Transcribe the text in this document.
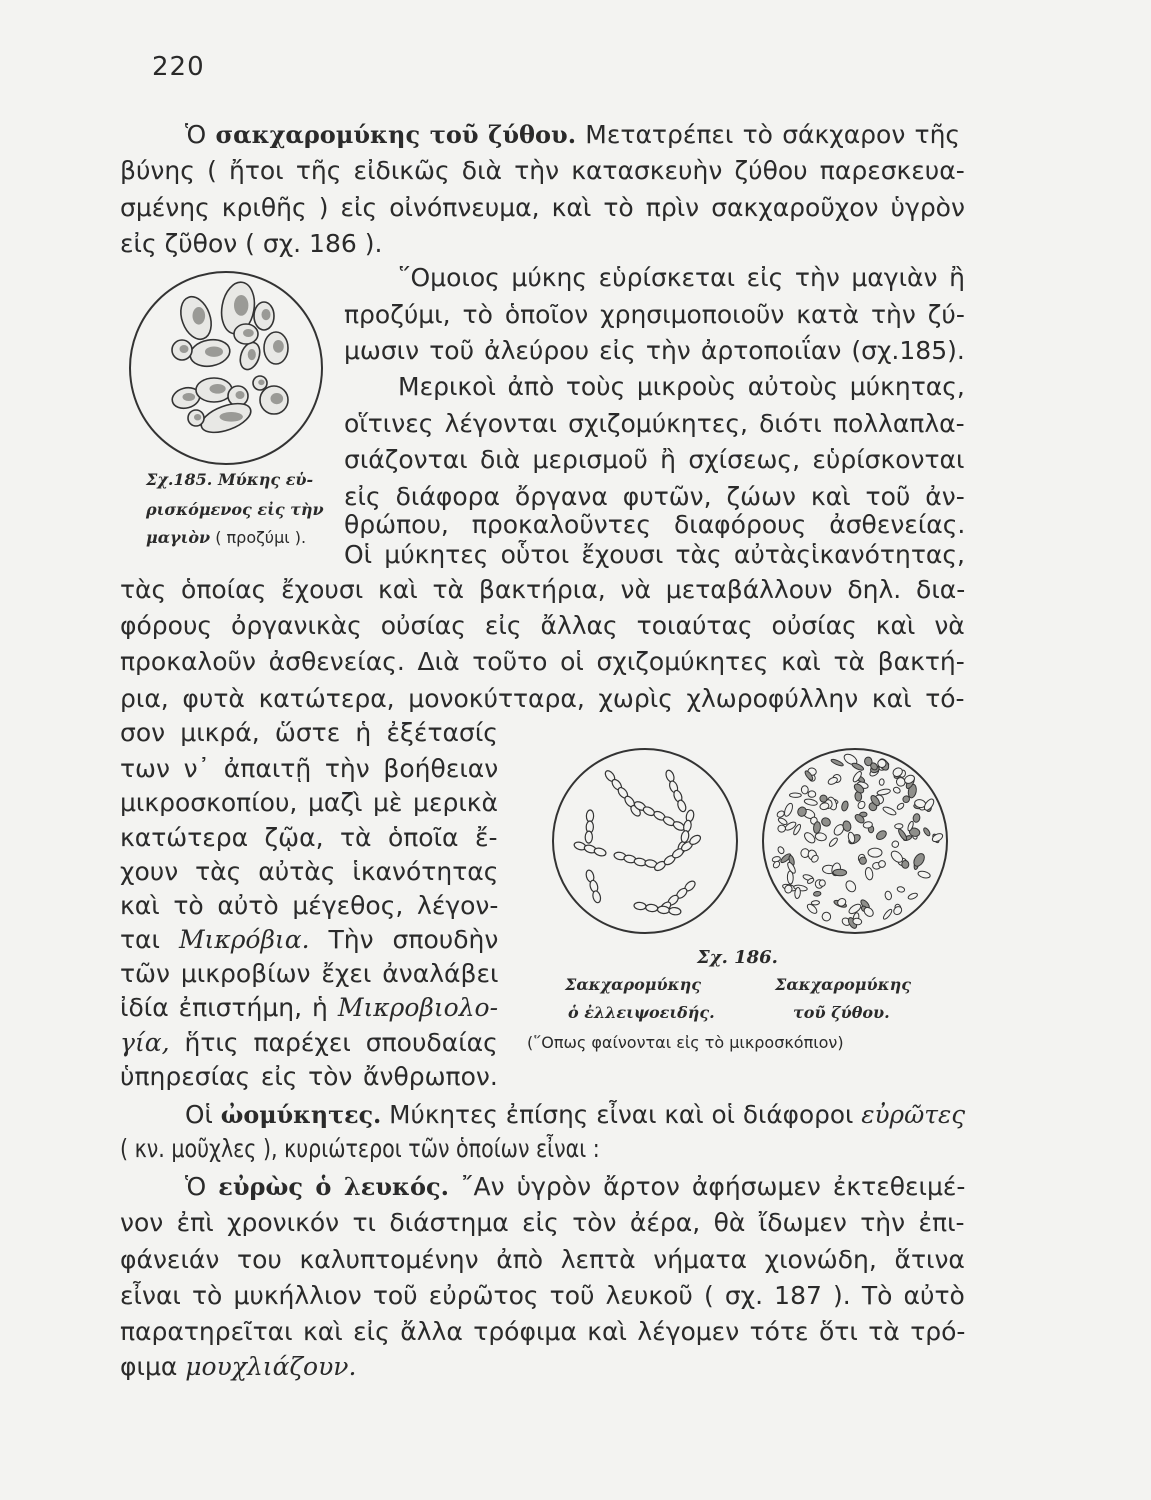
220
Ὁ σακχαρομύκης τοῦ ζύθου. Μετατρέπει τὸ σάκχαρον τῆς
βύνης ( ἤτοι τῆς εἰδικῶς διὰ τὴν κατασκευὴν ζύθου παρεσκευα-
σμένης κριθῆς ) εἰς οἰνόπνευμα, καὶ τὸ πρὶν σακχαροῦχον ὑγρὸν
εἰς ζῦθον ( σχ. 186 ).
῞Ομοιος μύκης εὑρίσκεται εἰς τὴν μαγιὰν ἢ
προζύμι, τὸ ὁποῖον χρησιμοποιοῦν κατὰ τὴν ζύ-
μωσιν τοῦ ἀλεύρου εἰς τὴν ἀρτοποιΐαν (σχ.185).
Μερικοὶ ἀπὸ τοὺς μικροὺς αὐτοὺς μύκητας,
οἵτινες λέγονται σχιζομύκητες, διότι πολλαπλα-
σιάζονται διὰ μερισμοῦ ἢ σχίσεως, εὑρίσκονται
εἰς διάφορα ὄργανα φυτῶν, ζώων καὶ τοῦ ἀν-
θρώπου, προκαλοῦντες διαφόρους ἀσθενείας.
Οἱ μύκητες οὗτοι ἔχουσι τὰς αὐτὰςἱκανότητας,
τὰς ὁποίας ἔχουσι καὶ τὰ βακτήρια, νὰ μεταβάλλουν δηλ. δια-
φόρους ὀργανικὰς οὐσίας εἰς ἄλλας τοιαύτας οὐσίας καὶ νὰ
προκαλοῦν ἀσθενείας. Διὰ τοῦτο οἱ σχιζομύκητες καὶ τὰ βακτή-
ρια, φυτὰ κατώτερα, μονοκύτταρα, χωρὶς χλωροφύλλην καὶ τό-
σον μικρά, ὥστε ἡ ἐξέτασίς
των ν᾿ ἀπαιτῇ τὴν βοήθειαν
μικροσκοπίου, μαζὶ μὲ μερικὰ
κατώτερα ζῷα, τὰ ὁποῖα ἔ-
χουν τὰς αὐτὰς ἱκανότητας
καὶ τὸ αὐτὸ μέγεθος, λέγον-
ται Μικρόβια. Τὴν σπουδὴν
τῶν μικροβίων ἔχει ἀναλάβει
ἰδία ἐπιστήμη, ἡ Μικροβιολο-
γία, ἥτις παρέχει σπουδαίας
ὑπηρεσίας εἰς τὸν ἄνθρωπον.
Οἱ ὠομύκητες. Μύκητες ἐπίσης εἶναι καὶ οἱ διάφοροι εὐρῶτες
( κν. μοῦχλες ), κυριώτεροι τῶν ὁποίων εἶναι :
Ὁ εὐρὼς ὁ λευκός. ῎Αν ὑγρὸν ἄρτον ἀφήσωμεν ἐκτεθειμέ-
νον ἐπὶ χρονικόν τι διάστημα εἰς τὸν ἀέρα, θὰ ἴδωμεν τὴν ἐπι-
φάνειάν του καλυπτομένην ἀπὸ λεπτὰ νήματα χιονώδη, ἅτινα
εἶναι τὸ μυκήλλιον τοῦ εὐρῶτος τοῦ λευκοῦ ( σχ. 187 ). Τὸ αὐτὸ
παρατηρεῖται καὶ εἰς ἄλλα τρόφιμα καὶ λέγομεν τότε ὅτι τὰ τρό-
φιμα μουχλιάζουν.
Σχ.185. Μύκης εὑ-
ρισκόμενος εἰς τὴν
μαγιὸν ( προζύμι ).
Σχ. 186.
Σακχαρομύκης	Σακχαρομύκης
ὁ ἐλλειψοειδής.	τοῦ ζύθου.
(῞Οπως φαίνονται εἰς τὸ μικροσκόπιον)
